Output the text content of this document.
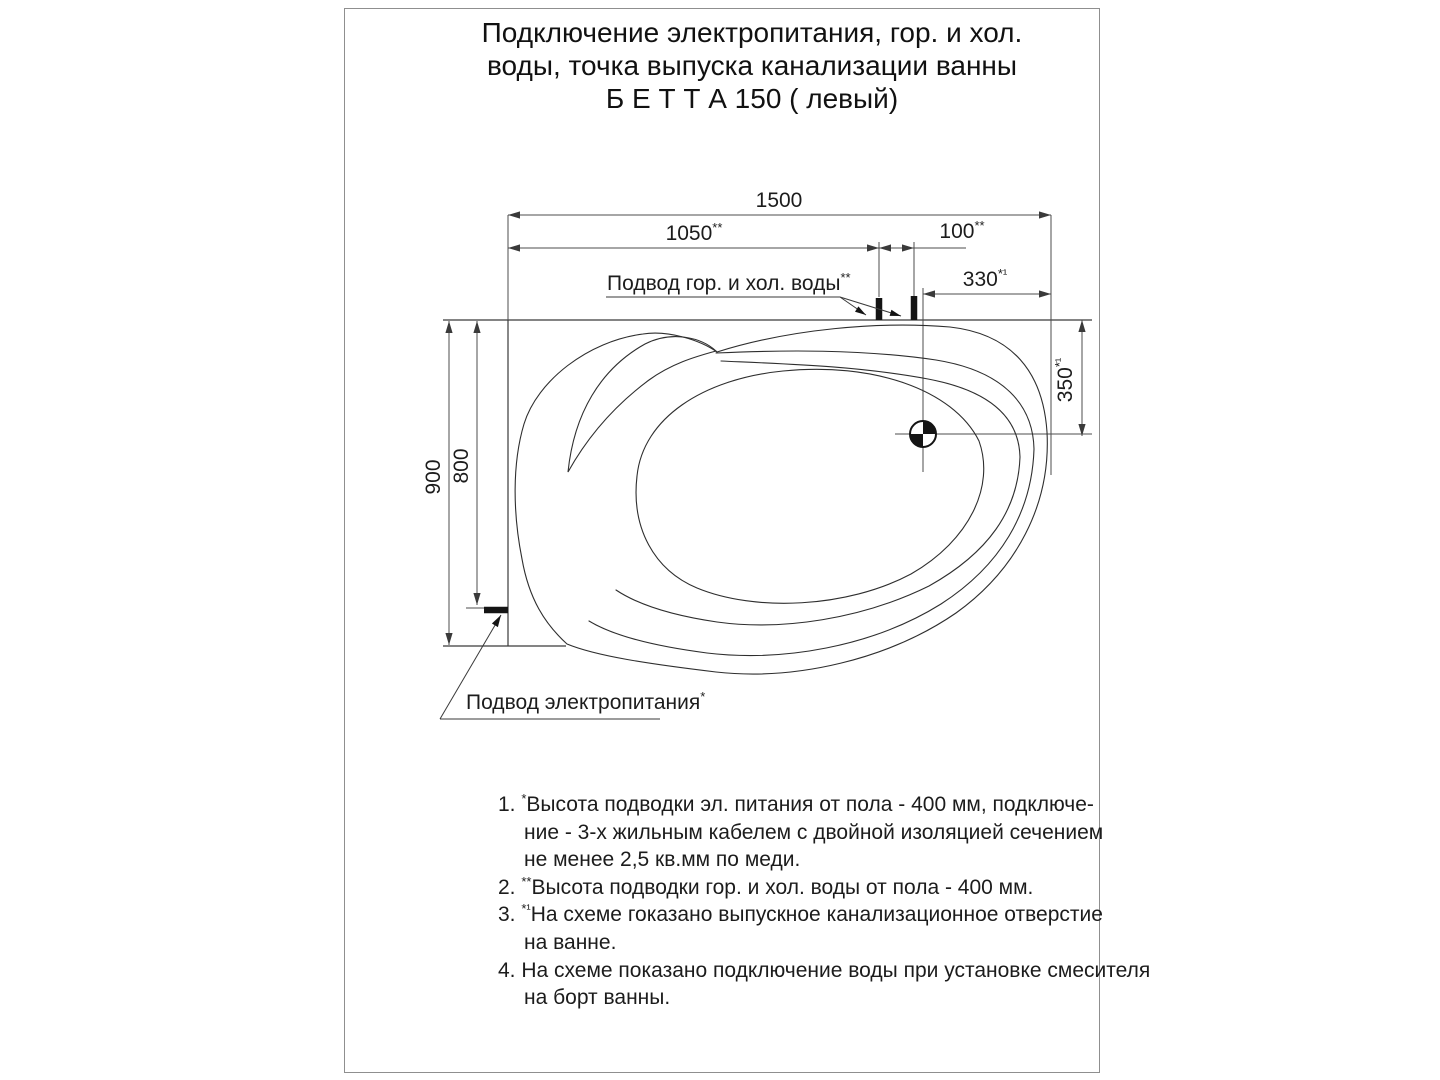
Подключение электропитания, гор. и хол.
воды, точка выпуска канализации ванны
Б Е Т Т А 150 ( левый)
1500
1050**	100**
$330^{*^1}$
$350^{*^1}$
900 800
Подвод гор. и хол. воды**
Подвод электропитания*
1. *Высота подводки эл. питания от пола - 400 мм, подключе-
ние - 3-х жильным кабелем с двойной изоляцией сечением
не менее 2,5 кв.мм по меди.
2. **Высота подводки гор. и хол. воды от пола - 400 мм.
3. $^{*^1}$На схеме гоказано выпускное канализационное отверстие
на ванне.
4. На схеме показано подключение воды при установке смесителя
на борт ванны.
